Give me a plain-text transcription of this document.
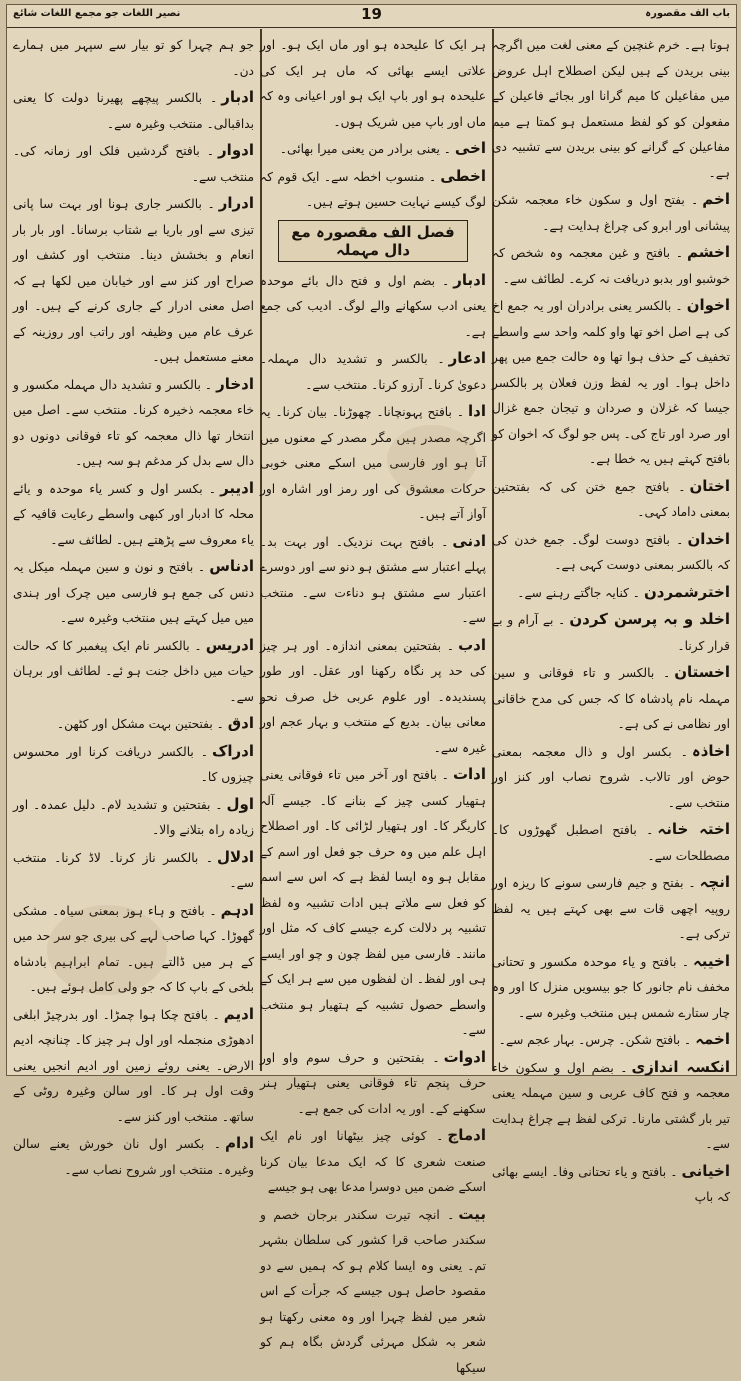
باب الف مقصورہ
19
نصیر اللغات جو مجمع اللغات شائع
ہوتا ہے۔ خرم غنچین کے معنی لغت میں اگرچہ بینی بریدن کے ہیں لیکن اصطلاح اہل عروض میں مفاعیلن کا میم گرانا اور بجائے فاعیلن کے مفعولن کو کو لفظ مستعمل ہو کمتا ہے میم مفاعیلن کے گرانے کو بینی بریدن سے تشبیہ دی ہے۔
اخم۔ بفتح اول و سکون خاء معجمہ شکن پیشانی اور ابرو کی چراغ ہدایت ہے۔
اخشم۔ بافتح و غین معجمہ وہ شخص کہ خوشبو اور بدبو دریافت نہ کرے۔ لطائف سے۔
اخوان۔ بالکسر یعنی برادران اور یہ جمع اخ کی ہے اصل اخو تھا واو کلمہ واحد سے واسطے تخفیف کے حذف ہوا تھا وہ حالت جمع میں پھر داخل ہوا۔ اور یہ لفظ وزن فعلان پر بالکسر جیسا کہ غزلان و صردان و تیجان جمع غزال اور صرد اور تاج کی۔ پس جو لوگ کہ اخوان کو بافتح کہتے ہیں یہ خطا ہے۔
اختان۔ بافتح جمع ختن کی کہ بفتحتین بمعنی داماد کہی۔
اخدان۔ بافتح دوست لوگ۔ جمع خدن کی کہ بالکسر بمعنی دوست کہی ہے۔
اخترشمردن۔ کنایہ جاگتے رہنے سے۔
اخلد و بہ پرسن کردن۔ بے آرام و بے قرار کرنا۔
اخستان۔ بالکسر و تاء فوقانی و سین مہملہ نام پادشاہ کا کہ جس کی مدح خاقانی اور نظامی نے کی ہے۔
اخاذہ۔ بکسر اول و ذال معجمہ بمعنی حوض اور تالاب۔ شروح نصاب اور کنز اور منتخب سے۔
اختہ خانہ۔ بافتح اصطبل گھوڑوں کا۔ مصطلحات سے۔
انچہ۔ بفتح و جیم فارسی سونے کا ریزہ اور روپیہ اچھی قات سے بھی کہتے ہیں یہ لفظ ترکی ہے۔
اخیبہ۔ بافتح و یاء موحدہ مکسور و تحتانی مخفف نام جانور کا جو بیسویں منزل کا اور وہ چار ستارے شمس ہیں منتخب وغیرہ سے۔
اخمہ۔ بافتح شکن۔ چرس۔ بہار عجم سے۔
انکسہ اندازی۔ بضم اول و سکون خاء معجمہ و فتح کاف عربی و سین مہملہ یعنی تیر بار گشتی مارنا۔ ترکی لفظ ہے چراغ ہدایت سے۔
اخیانی۔ بافتح و یاء تحتانی وفا۔ ایسے بھائی کہ باپ
ہر ایک کا علیحدہ ہو اور ماں ایک ہو۔ اور علاتی ایسے بھائی کہ ماں ہر ایک کی علیحدہ ہو اور باپ ایک ہو اور اعیانی وہ کہ ماں اور باپ میں شریک ہوں۔
اخی۔ یعنی برادر من یعنی میرا بھائی۔
اخطی۔ منسوب اخطہ سے۔ ایک قوم کہ لوگ کیسے نہایت حسین ہوتے ہیں۔
فصل الف مقصورہ مع دال مہملہ
ادبار۔ بضم اول و فتح دال بائے موحدہ یعنی ادب سکھانے والے لوگ۔ ادیب کی جمع ہے۔
ادعار۔ بالکسر و تشدید دال مہملہ۔ دعویٰ کرنا۔ آرزو کرنا۔ منتخب سے۔
ادا۔ بافتح پہونچانا۔ چھوڑنا۔ بیان کرنا۔ یہ اگرچہ مصدر ہیں مگر مصدر کے معنوں میں آتا ہو اور فارسی میں اسکے معنی خوبی حرکات معشوق کی اور رمز اور اشارہ اور آواز آتے ہیں۔
ادنی۔ بافتح بہت نزدیک۔ اور بہت بد۔ پہلے اعتبار سے مشتق ہو دنو سے اور دوسرے اعتبار سے مشتق ہو دناءت سے۔ منتخب سے۔
ادب۔ بفتحتین بمعنی اندازہ۔ اور ہر چیز کی حد پر نگاہ رکھنا اور عقل۔ اور طور پسندیدہ۔ اور علوم عربی خل صرف نحو معانی بیان۔ بدیع کے منتخب و بہار عجم اور غیرہ سے۔
ادات۔ بافتح اور آخر میں تاء فوقانی یعنی ہتھیار کسی چیز کے بنانے کا۔ جیسے آلہ کاریگر کا۔ اور ہتھیار لڑائی کا۔ اور اصطلاح اہل علم میں وہ حرف جو فعل اور اسم کے مقابل ہو وہ ایسا لفظ ہے کہ اس سے اسم کو فعل سے ملاتے ہیں ادات تشبیہ وہ لفظ تشبیہ پر دلالت کرے جیسے کاف کہ مثل اور مانند۔ فارسی میں لفظ چون و چو اور ایسے ہی اور لفظ۔ ان لفظوں میں سے ہر ایک کے واسطے حصول تشبیہ کے ہتھیار ہو منتخب سے۔
ادوات۔ بفتحتین و حرف سوم واو اور حرف پنجم تاء فوقانی یعنی ہتھیار ہنر سکھنے کے۔ اور یہ ادات کی جمع ہے۔
ادماج۔ کوئی چیز بیٹھانا اور نام ایک صنعت شعری کا کہ ایک مدعا بیان کرنا اسکے ضمن میں دوسرا مدعا بھی ہو جیسے
بیت۔ انچہ تیرت سکندر برجان خصم و سکندر صاحب قرا کشور کی سلطان بشہر تم۔ یعنی وہ ایسا کلام ہو کہ ہمیں سے دو مقصود حاصل ہوں جیسے کہ جرأت کے اس شعر میں لفظ چہرا اور وہ معنی رکھتا ہو شعر بہ شکل مہرئی گردش بگاہ ہم کو سیکھا
جو ہم چہرا کو تو بیار سے سپہر میں ہمارے دن۔
ادبار۔ بالکسر پیچھے پھیرنا دولت کا یعنی بداقبالی۔ منتخب وغیرہ سے۔
ادوار۔ بافتح گردشیں فلک اور زمانہ کی۔ منتخب سے۔
ادرار۔ بالکسر جاری ہونا اور بہت سا پانی تیزی سے اور باریا بے شتاب برسانا۔ اور بار بار انعام و بخشش دینا۔ منتخب اور کشف اور صراح اور کنز سے اور خیابان میں لکھا ہے کہ اصل معنی ادرار کے جاری کرنے کے ہیں۔ اور عرف عام میں وظیفہ اور راتب اور روزینہ کے معنے مستعمل ہیں۔
ادخار۔ بالکسر و تشدید دال مہملہ مکسور و خاء معجمہ ذخیرہ کرنا۔ منتخب سے۔ اصل میں انتخار تھا ذال معجمہ کو تاء فوقانی دونوں دو دال سے بدل کر مدغم ہو سہ ہیں۔
ادیبر۔ بکسر اول و کسر یاء موحدہ و یائے محلہ کا ادبار اور کبھی واسطے رعایت قافیہ کے یاء معروف سے پڑھتے ہیں۔ لطائف سے۔
ادناس۔ بافتح و نون و سین مہملہ میکل یہ دنس کی جمع ہو فارسی میں چرک اور ہندی میں میل کہتے ہیں منتخب وغیرہ سے۔
ادریس۔ بالکسر نام ایک پیغمبر کا کہ حالت حیات میں داخل جنت ہو ئے۔ لطائف اور برہان سے۔
ادق۔ بفتحتین بہت مشکل اور کٹھن۔
ادراک۔ بالکسر دریافت کرنا اور محسوس چیزوں کا۔
اول۔ بفتحتین و تشدید لام۔ دلیل عمدہ۔ اور زیادہ راہ بتلانے والا۔
ادلال۔ بالکسر ناز کرنا۔ لاڈ کرنا۔ منتخب سے۔
ادہم۔ بافتح و ہاء ہوز بمعنی سیاہ۔ مشکی گھوڑا۔ کہا صاحب لہے کی بیری جو سر حد میں کے ہر میں ڈالتے ہیں۔ تمام ابراہیم بادشاہ بلخی کے باپ کا کہ جو ولی کامل ہوئے ہیں۔
ادیم۔ بافتح چکا ہوا چمڑا۔ اور بدرچیڑ ابلغی ادھوڑی منجملہ اور اول ہر چیز کا۔ چنانچہ ادیم الارض۔ یعنی روئے زمین اور ادیم انجیں یعنی وقت اول ہر کا۔ اور سالن وغیرہ روٹی کے ساتھ۔ منتخب اور کنز سے۔
ادام۔ بکسر اول نان خورش یعنے سالن وغیرہ۔ منتخب اور شروح نصاب سے۔
